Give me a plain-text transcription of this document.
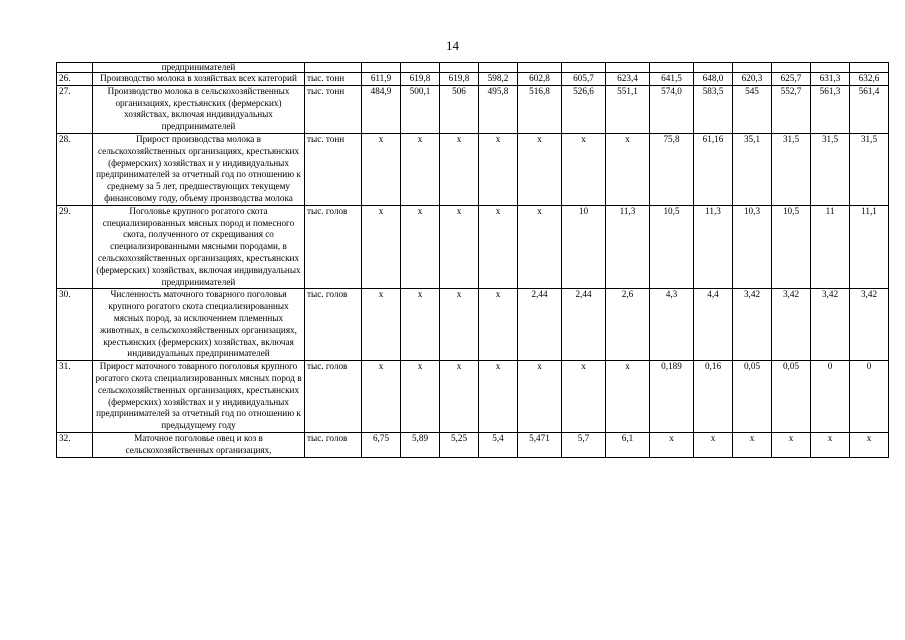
14
	предпринимателей														
26.	Производство молока в хозяйствах всех категорий	тыс. тонн	611,9	619,8	619,8	598,2	602,8	605,7	623,4	641,5	648,0	620,3	625,7	631,3	632,6
27.	Производство молока в сельскохозяйственных организациях, крестьянских (фермерских) хозяйствах, включая индивидуальных предпринимателей	тыс. тонн	484,9	500,1	506	495,8	516,8	526,6	551,1	574,0	583,5	545	552,7	561,3	561,4
28.	Прирост производства молока в сельскохозяйственных организациях, крестьянских (фермерских) хозяйствах и у индивидуальных предпринимателей за отчетный год по отношению к среднему за 5 лет, предшествующих текущему финансовому году, объему производства молока	тыс. тонн	x	x	x	x	x	x	x	75,8	61,16	35,1	31,5	31,5	31,5
29.	Поголовье крупного рогатого скота специализированных мясных пород и помесного скота, полученного от скрещивания со специализированными мясными породами, в сельскохозяйственных организациях, крестьянских (фермерских) хозяйствах, включая индивидуальных предпринимателей	тыс. голов	x	x	x	x	x	10	11,3	10,5	11,3	10,3	10,5	11	11,1
30.	Численность маточного товарного поголовья крупного рогатого скота специализированных мясных пород, за исключением племенных животных, в сельскохозяйственных организациях, крестьянских (фермерских) хозяйствах, включая индивидуальных предпринимателей	тыс. голов	x	x	x	x	2,44	2,44	2,6	4,3	4,4	3,42	3,42	3,42	3,42
31.	Прирост маточного товарного поголовья крупного рогатого скота специализированных мясных пород в сельскохозяйственных организациях, крестьянских (фермерских) хозяйствах и у индивидуальных предпринимателей за отчетный год по отношению к предыдущему году	тыс. голов	x	x	x	x	x	x	x	0,189	0,16	0,05	0,05	0	0
32.	Маточное поголовье овец и коз в сельскохозяйственных организациях,	тыс. голов	6,75	5,89	5,25	5,4	5,471	5,7	6,1	x	x	x	x	x	x
